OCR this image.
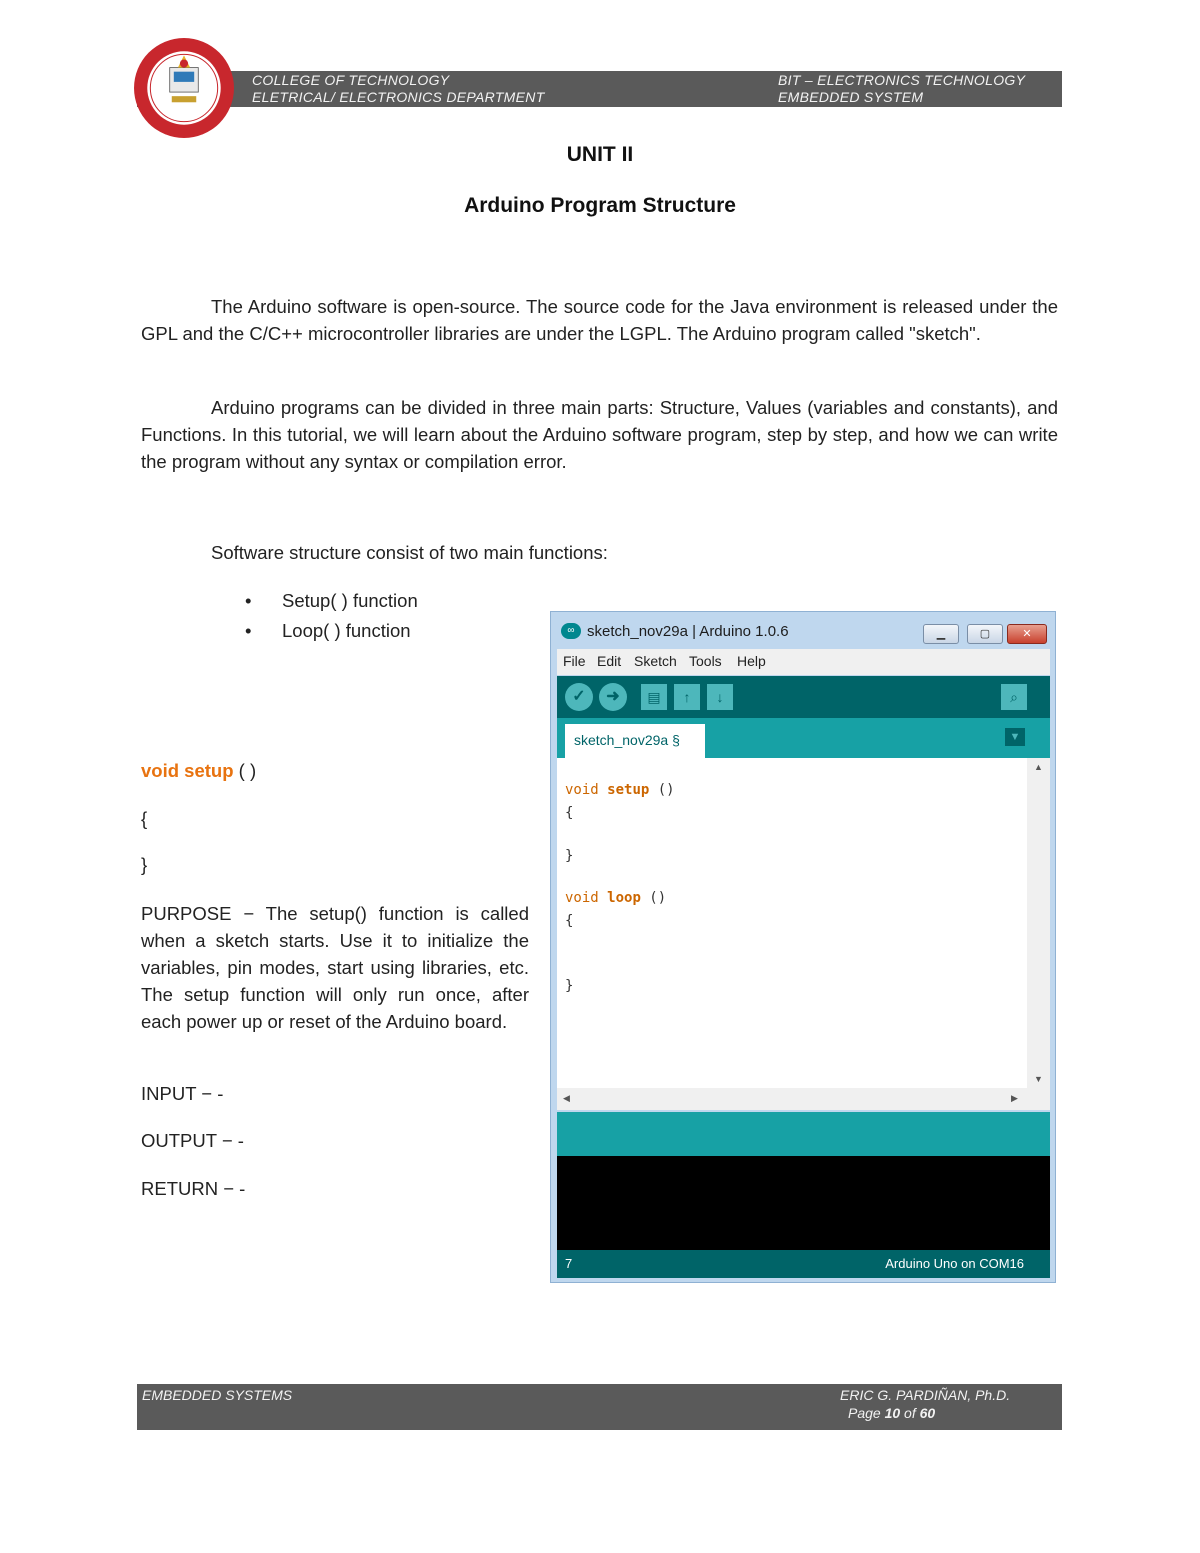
COLLEGE OF TECHNOLOGY
ELETRICAL/ ELECTRONICS DEPARTMENT
BIT – ELECTRONICS TECHNOLOGY
EMBEDDED SYSTEM
UNIT II
Arduino Program Structure
The Arduino software is open-source. The source code for the Java environment is released under the GPL and the C/C++ microcontroller libraries are under the LGPL. The Arduino program called "sketch".
Arduino programs can be divided in three main parts: Structure, Values (variables and constants), and Functions. In this tutorial, we will learn about the Arduino software program, step by step, and how we can write the program without any syntax or compilation error.
Software structure consist of two main functions:
• Setup( ) function
• Loop( ) function
void setup ( )
{
}
PURPOSE − The setup() function is called when a sketch starts. Use it to initialize the variables, pin modes, start using libraries, etc. The setup function will only run once, after each power up or reset of the Arduino board.
INPUT − -
OUTPUT − -
RETURN − -
∞ sketch_nov29a | Arduino 1.0.6	▁	▢	✕
File Edit Sketch Tools Help
✓	➜	▤	↑	↓	⌕
sketch_nov29a §	▼
void setup ()
{
}
void loop ()
{
}
▲
▼
◀	▶
7	Arduino Uno on COM16
EMBEDDED SYSTEMS	ERIC G. PARDIÑAN, Ph.D.
Page 10 of 60
